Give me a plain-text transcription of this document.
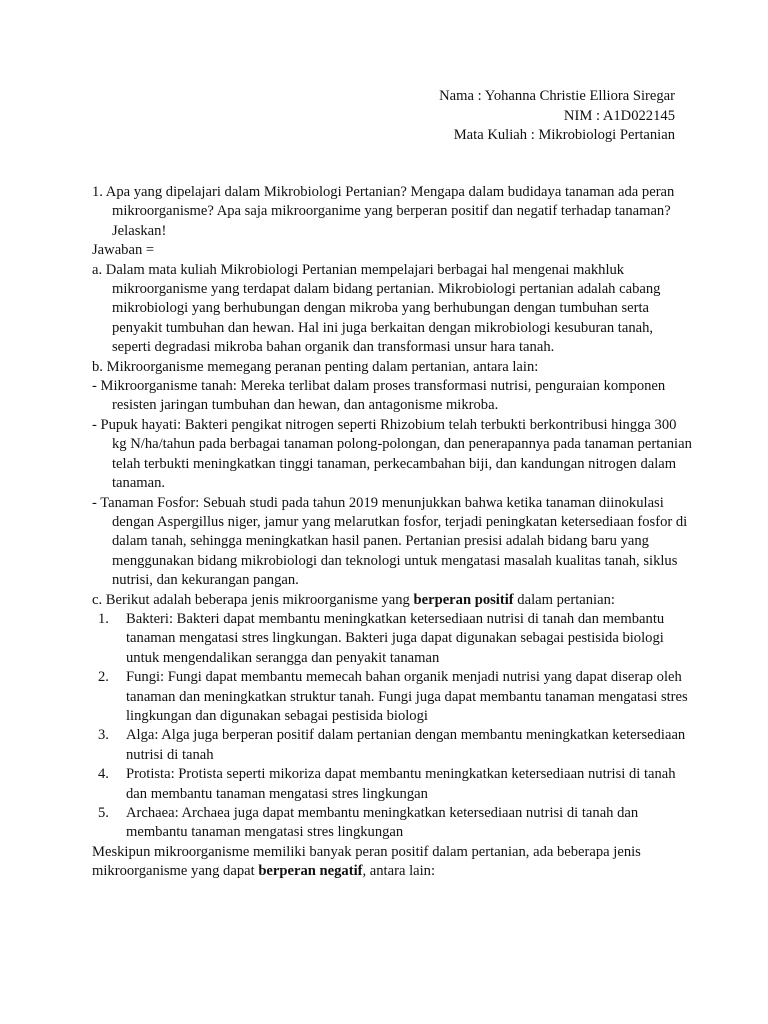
Nama : Yohanna Christie Elliora Siregar
NIM : A1D022145
Mata Kuliah : Mikrobiologi Pertanian
1. Apa yang dipelajari dalam Mikrobiologi Pertanian? Mengapa dalam budidaya tanaman ada peran mikroorganisme? Apa saja mikroorganime yang berperan positif dan negatif terhadap tanaman? Jelaskan!
Jawaban =
a. Dalam mata kuliah Mikrobiologi Pertanian mempelajari berbagai hal mengenai makhluk mikroorganisme yang terdapat dalam bidang pertanian. Mikrobiologi pertanian adalah cabang mikrobiologi yang berhubungan dengan mikroba yang berhubungan dengan tumbuhan serta penyakit tumbuhan dan hewan. Hal ini juga berkaitan dengan mikrobiologi kesuburan tanah, seperti degradasi mikroba bahan organik dan transformasi unsur hara tanah.
b. Mikroorganisme memegang peranan penting dalam pertanian, antara lain:
- Mikroorganisme tanah: Mereka terlibat dalam proses transformasi nutrisi, penguraian komponen resisten jaringan tumbuhan dan hewan, dan antagonisme mikroba.
- Pupuk hayati: Bakteri pengikat nitrogen seperti Rhizobium telah terbukti berkontribusi hingga 300 kg N/ha/tahun pada berbagai tanaman polong-polongan, dan penerapannya pada tanaman pertanian telah terbukti meningkatkan tinggi tanaman, perkecambahan biji, dan kandungan nitrogen dalam tanaman.
- Tanaman Fosfor: Sebuah studi pada tahun 2019 menunjukkan bahwa ketika tanaman diinokulasi dengan Aspergillus niger, jamur yang melarutkan fosfor, terjadi peningkatan ketersediaan fosfor di dalam tanah, sehingga meningkatkan hasil panen. Pertanian presisi adalah bidang baru yang menggunakan bidang mikrobiologi dan teknologi untuk mengatasi masalah kualitas tanah, siklus nutrisi, dan kekurangan pangan.
c. Berikut adalah beberapa jenis mikroorganisme yang berperan positif dalam pertanian:
1.	Bakteri: Bakteri dapat membantu meningkatkan ketersediaan nutrisi di tanah dan membantu tanaman mengatasi stres lingkungan. Bakteri juga dapat digunakan sebagai pestisida biologi untuk mengendalikan serangga dan penyakit tanaman
2.	Fungi: Fungi dapat membantu memecah bahan organik menjadi nutrisi yang dapat diserap oleh tanaman dan meningkatkan struktur tanah. Fungi juga dapat membantu tanaman mengatasi stres lingkungan dan digunakan sebagai pestisida biologi
3.	Alga: Alga juga berperan positif dalam pertanian dengan membantu meningkatkan ketersediaan nutrisi di tanah
4.	Protista: Protista seperti mikoriza dapat membantu meningkatkan ketersediaan nutrisi di tanah dan membantu tanaman mengatasi stres lingkungan
5.	Archaea: Archaea juga dapat membantu meningkatkan ketersediaan nutrisi di tanah dan membantu tanaman mengatasi stres lingkungan
Meskipun mikroorganisme memiliki banyak peran positif dalam pertanian, ada beberapa jenis mikroorganisme yang dapat berperan negatif, antara lain:
